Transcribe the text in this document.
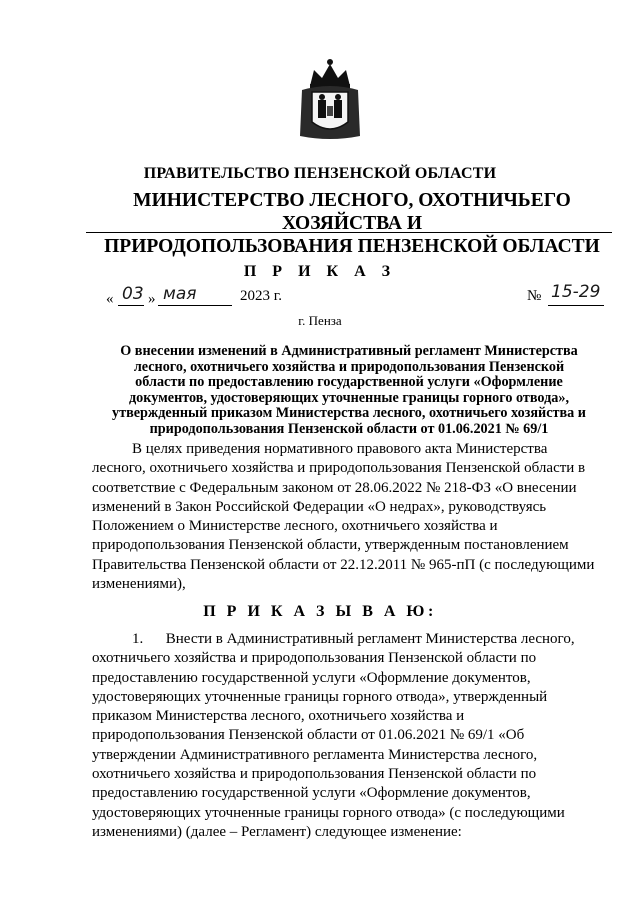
ПРАВИТЕЛЬСТВО ПЕНЗЕНСКОЙ ОБЛАСТИ
МИНИСТЕРСТВО ЛЕСНОГО, ОХОТНИЧЬЕГО ХОЗЯЙСТВА И
ПРИРОДОПОЛЬЗОВАНИЯ ПЕНЗЕНСКОЙ ОБЛАСТИ
П Р И К А З
« 03 » мая	2023 г.	№ 15-29
г. Пенза
О внесении изменений в Административный регламент Министерства
лесного, охотничьего хозяйства и природопользования Пензенской
области по предоставлению государственной услуги «Оформление
документов, удостоверяющих уточненные границы горного отвода»,
утвержденный приказом Министерства лесного, охотничьего хозяйства и
природопользования Пензенской области от 01.06.2021 № 69/1
В целях приведения нормативного правового акта Министерства
лесного, охотничьего хозяйства и природопользования Пензенской области в
соответствие с Федеральным законом от 28.06.2022 № 218-ФЗ «О внесении
изменений в Закон Российской Федерации «О недрах», руководствуясь
Положением о Министерстве лесного, охотничьего хозяйства и
природопользования Пензенской области, утвержденным постановлением
Правительства Пензенской области от 22.12.2011 № 965-пП (с последующими
изменениями),
П Р И К А З Ы В А Ю:
1.      Внести в Административный регламент Министерства лесного,
охотничьего хозяйства и природопользования Пензенской области по
предоставлению государственной услуги «Оформление документов,
удостоверяющих уточненные границы горного отвода», утвержденный
приказом Министерства лесного, охотничьего хозяйства и
природопользования Пензенской области от 01.06.2021 № 69/1 «Об
утверждении Административного регламента Министерства лесного,
охотничьего хозяйства и природопользования Пензенской области по
предоставлению государственной услуги «Оформление документов,
удостоверяющих уточненные границы горного отвода» (с последующими
изменениями) (далее – Регламент) следующее изменение:
